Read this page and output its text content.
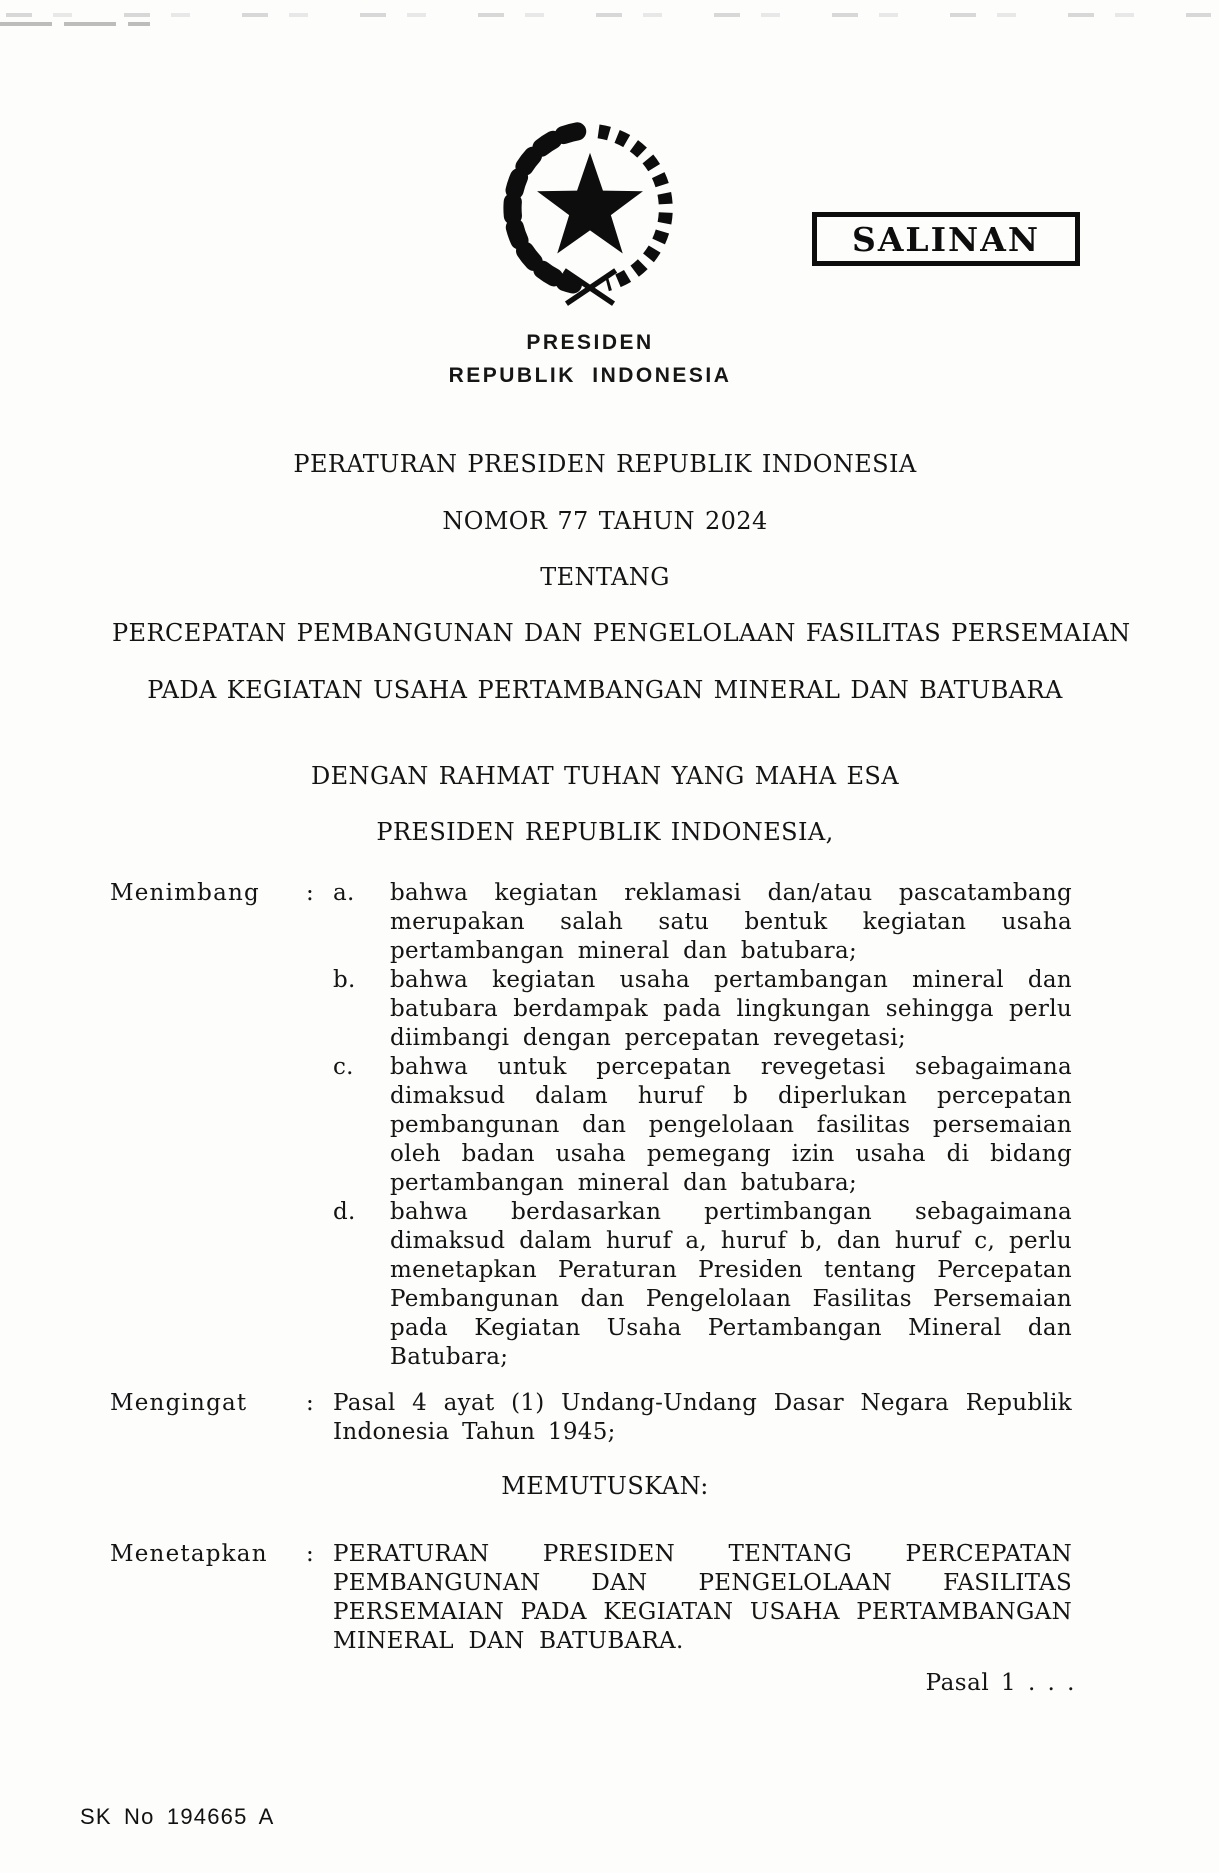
SALINAN
PRESIDEN
REPUBLIK INDONESIA
PERATURAN PRESIDEN REPUBLIK INDONESIA
NOMOR 77 TAHUN 2024
TENTANG
PERCEPATAN PEMBANGUNAN DAN PENGELOLAAN FASILITAS PERSEMAIAN
PADA KEGIATAN USAHA PERTAMBANGAN MINERAL DAN BATUBARA
DENGAN RAHMAT TUHAN YANG MAHA ESA
PRESIDEN REPUBLIK INDONESIA,
Menimbang	: a.	bahwa kegiatan reklamasi dan/atau pascatambang merupakan salah satu bentuk kegiatan usaha pertambangan mineral dan batubara;
b.	bahwa kegiatan usaha pertambangan mineral dan batubara berdampak pada lingkungan sehingga perlu diimbangi dengan percepatan revegetasi;
c.	bahwa untuk percepatan revegetasi sebagaimana dimaksud dalam huruf b diperlukan percepatan pembangunan dan pengelolaan fasilitas persemaian oleh badan usaha pemegang izin usaha di bidang pertambangan mineral dan batubara;
d.	bahwa berdasarkan pertimbangan sebagaimana dimaksud dalam huruf a, huruf b, dan huruf c, perlu menetapkan Peraturan Presiden tentang Percepatan Pembangunan dan Pengelolaan Fasilitas Persemaian pada Kegiatan Usaha Pertambangan Mineral dan Batubara;
Mengingat	: Pasal 4 ayat (1) Undang-Undang Dasar Negara Republik Indonesia Tahun 1945;
MEMUTUSKAN:
Menetapkan	: PERATURAN PRESIDEN TENTANG PERCEPATAN PEMBANGUNAN DAN PENGELOLAAN FASILITAS PERSEMAIAN PADA KEGIATAN USAHA PERTAMBANGAN MINERAL DAN BATUBARA.
Pasal 1 . . .
SK No 194665 A
